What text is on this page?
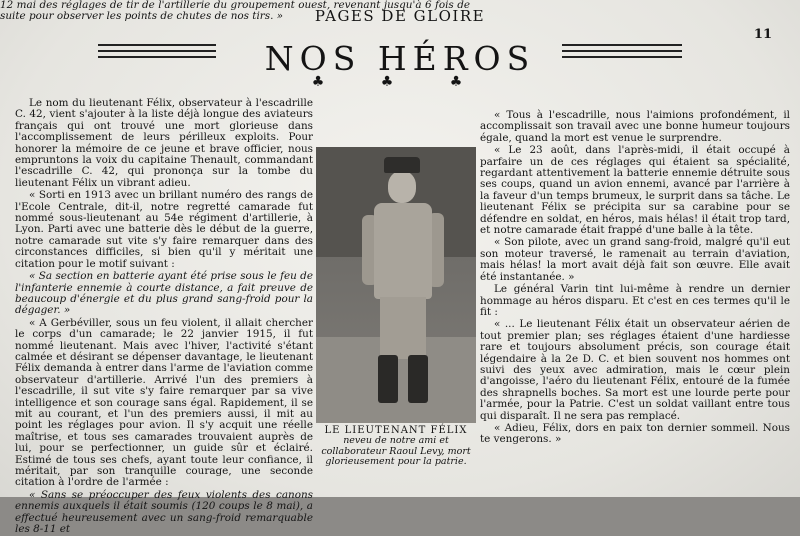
PAGES DE GLOIRE
11
NOS HÉROS
♣ ♣ ♣

Le nom du lieutenant Félix, observateur à l'escadrille C. 42, vient s'ajouter à la liste déjà longue des aviateurs français qui ont trouvé une mort glorieuse dans l'accomplissement de leurs périlleux exploits. Pour honorer la mémoire de ce jeune et brave officier, nous empruntons la voix du capitaine Thenault, commandant l'escadrille C. 42, qui prononça sur la tombe du lieutenant Félix un vibrant adieu.

« Sorti en 1913 avec un brillant numéro des rangs de l'Ecole Centrale, dit-il, notre regretté camarade fut nommé sous-lieutenant au 54e régiment d'artillerie, à Lyon. Parti avec une batterie dès le début de la guerre, notre camarade sut vite s'y faire remarquer dans des circonstances difficiles, si bien qu'il y méritait une citation pour le motif suivant :

« Sa section en batterie ayant été prise sous le feu de l'infanterie ennemie à courte distance, a fait preuve de beaucoup d'énergie et du plus grand sang-froid pour la dégager. »

« A Gerbéviller, sous un feu violent, il allait chercher le corps d'un camarade; le 22 janvier 1915, il fut nommé lieutenant. Mais avec l'hiver, l'activité s'étant calmée et désirant se dépenser davantage, le lieutenant Félix demanda à entrer dans l'arme de l'aviation comme observateur d'artillerie. Arrivé l'un des premiers à l'escadrille, il sut vite s'y faire remarquer par sa vive intelligence et son courage sans égal. Rapidement, il se mit au courant, et l'un des premiers aussi, il mit au point les réglages pour avion. Il s'y acquit une réelle maîtrise, et tous ses camarades trouvaient auprès de lui, pour se perfectionner, un guide sûr et éclairé. Estimé de tous ses chefs, ayant toute leur confiance, il méritait, par son tranquille courage, une seconde citation à l'ordre de l'armée :

« Sans se préoccuper des feux violents des canons ennemis auxquels il était soumis (120 coups le 8 mai), a effectué heureusement avec un sang-froid remarquable les 8-11 et

12 mai des réglages de tir de l'artillerie du groupement ouest, revenant jusqu'à 6 fois de suite pour observer les points de chutes de nos tirs. »
LE LIEUTENANT FÉLIX
neveu de notre ami et collaborateur Raoul Levy, mort glorieusement pour la patrie.

« Tous à l'escadrille, nous l'aimions profondément, il accomplissait son travail avec une bonne humeur toujours égale, quand la mort est venue le surprendre.

« Le 23 août, dans l'après-midi, il était occupé à parfaire un de ces réglages qui étaient sa spécialité, regardant attentivement la batterie ennemie détruite sous ses coups, quand un avion ennemi, avancé par l'arrière à la faveur d'un temps brumeux, le surprit dans sa tâche. Le lieutenant Félix se précipita sur sa carabine pour se défendre en soldat, en héros, mais hélas! il était trop tard, et notre camarade était frappé d'une balle à la tête.

« Son pilote, avec un grand sang-froid, malgré qu'il eut son moteur traversé, le ramenait au terrain d'aviation, mais hélas! la mort avait déjà fait son œuvre. Elle avait été instantanée. »

Le général Varin tint lui-même à rendre un dernier hommage au héros disparu. Et c'est en ces termes qu'il le fit :

« ... Le lieutenant Félix était un observateur aérien de tout premier plan; ses réglages étaient d'une hardiesse rare et toujours absolument précis, son courage était légendaire à la 2e D. C. et bien souvent nos hommes ont suivi des yeux avec admiration, mais le cœur plein d'angoisse, l'aéro du lieutenant Félix, entouré de la fumée des shrapnells boches. Sa mort est une lourde perte pour l'armée, pour la Patrie. C'est un soldat vaillant entre tous qui disparaît. Il ne sera pas remplacé.

« Adieu, Félix, dors en paix ton dernier sommeil. Nous te vengerons. »
